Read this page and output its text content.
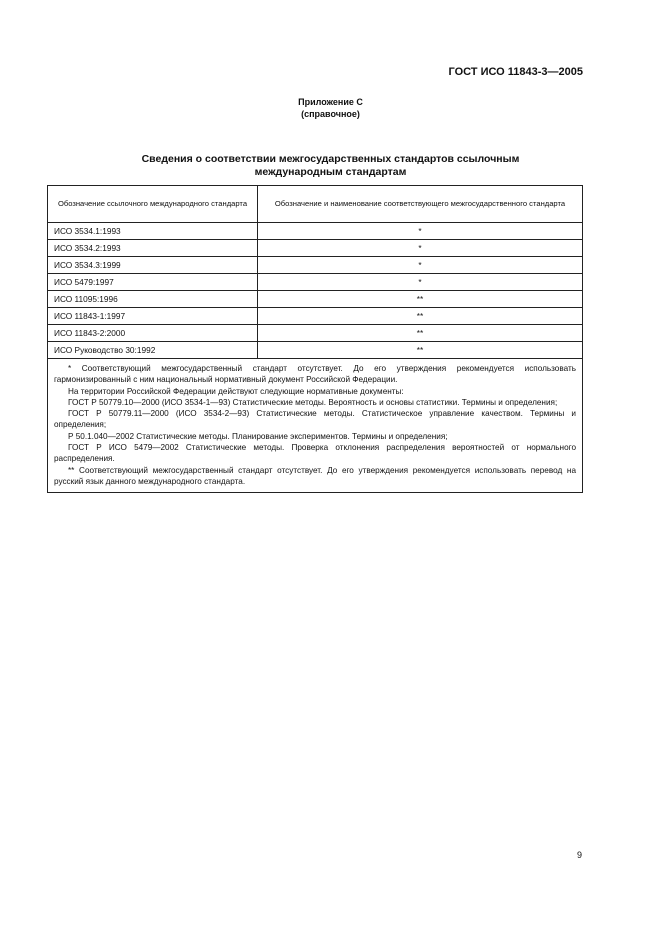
ГОСТ ИСО 11843-3—2005
Приложение С
(справочное)
Сведения о соответствии межгосударственных стандартов ссылочным
международным стандартам
Обозначение ссылочного международного стандарта	Обозначение и наименование соответствующего межгосударственного стандарта
ИСО 3534.1:1993	*
ИСО 3534.2:1993	*
ИСО 3534.3:1999	*
ИСО 5479:1997	*
ИСО 11095:1996	**
ИСО 11843-1:1997	**
ИСО 11843-2:2000	**
ИСО Руководство 30:1992	**

* Соответствующий межгосударственный стандарт отсутствует. До его утверждения рекомендуется использовать гармонизированный с ним национальный нормативный документ Российской Федерации.

На территории Российской Федерации действуют следующие нормативные документы:

ГОСТ Р 50779.10—2000 (ИСО 3534-1—93) Статистические методы. Вероятность и основы статистики. Термины и определения;

ГОСТ Р 50779.11—2000 (ИСО 3534-2—93) Статистические методы. Статистическое управление качеством. Термины и определения;

Р 50.1.040—2002 Статистические методы. Планирование экспериментов. Термины и определения;

ГОСТ Р ИСО 5479—2002 Статистические методы. Проверка отклонения распределения вероятностей от нормального распределения.

** Соответствующий межгосударственный стандарт отсутствует. До его утверждения рекомендуется использовать перевод на русский язык данного международного стандарта.

9
